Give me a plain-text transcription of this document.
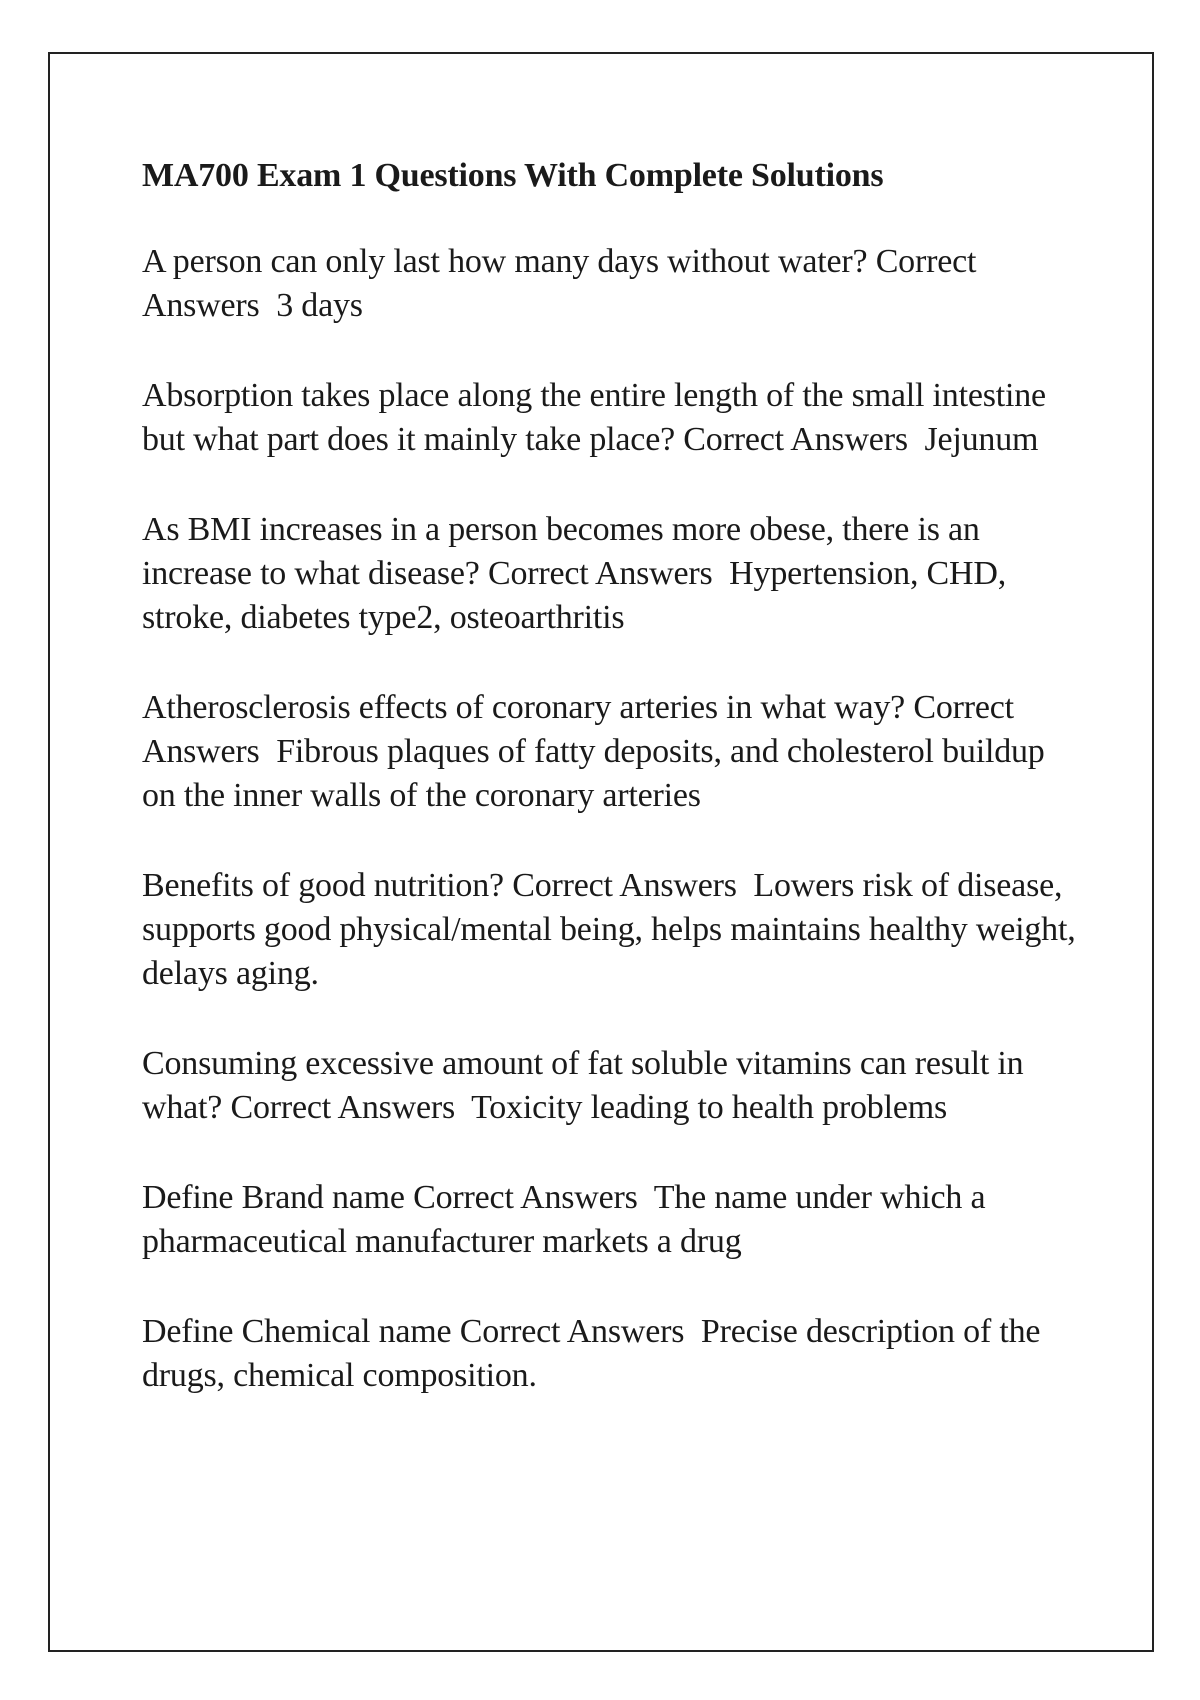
MA700 Exam 1 Questions With Complete Solutions

A person can only last how many days without water? Correct Answers 3 days

Absorption takes place along the entire length of the small intestine but what part does it mainly take place? Correct Answers Jejunum

As BMI increases in a person becomes more obese, there is an increase to what disease? Correct Answers Hypertension, CHD, stroke, diabetes type2, osteoarthritis

Atherosclerosis effects of coronary arteries in what way? Correct Answers Fibrous plaques of fatty deposits, and cholesterol buildup on the inner walls of the coronary arteries

Benefits of good nutrition? Correct Answers Lowers risk of disease, supports good physical/mental being, helps maintains healthy weight, delays aging.

Consuming excessive amount of fat soluble vitamins can result in what? Correct Answers Toxicity leading to health problems

Define Brand name Correct Answers The name under which a pharmaceutical manufacturer markets a drug

Define Chemical name Correct Answers Precise description of the drugs, chemical composition.
